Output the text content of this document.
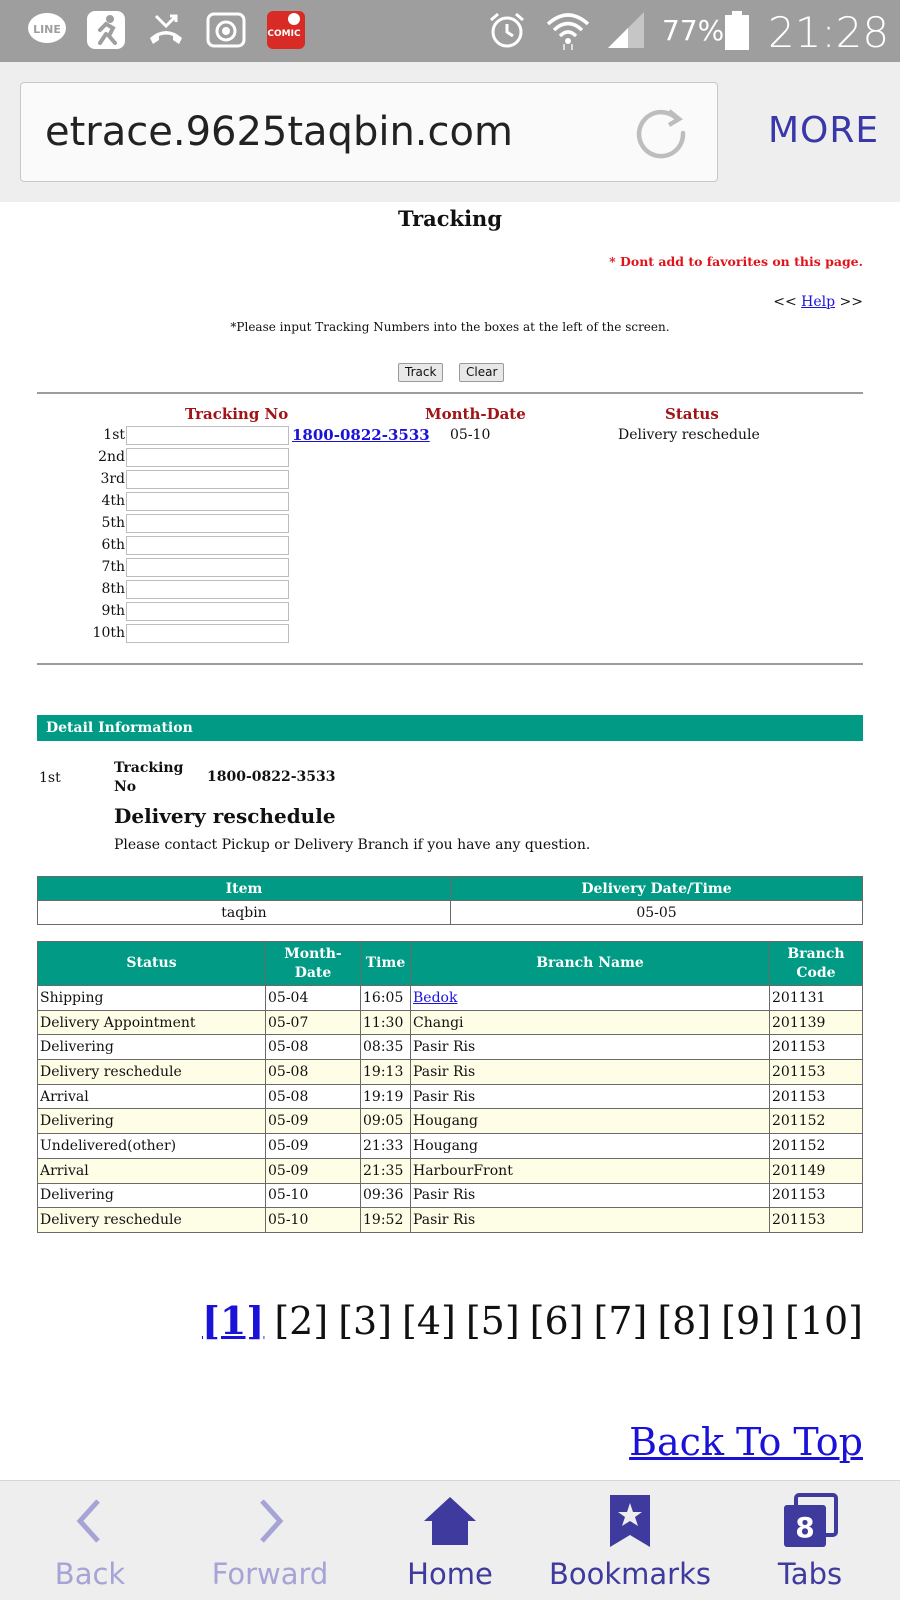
LINE	COMIC	77% 21:28
etrace.9625taqbin.com	MORE
Tracking
* Dont add to favorites on this page.
<< Help >>
*Please input Tracking Numbers into the boxes at the left of the screen.
Track	Clear
Tracking No	Month-Date	Status
1st	1800-0822-3533 05-10	Delivery reschedule
2nd
3rd
4th
5th
6th
7th
8th
9th
10th
Detail Information
1st
Tracking No
1800-0822-3533
Delivery reschedule
Please contact Pickup or Delivery Branch if you have any question.
Item	Delivery Date/Time
taqbin	05-05
Status	Month-Date	Time	Branch Name	Branch Code
Shipping	05-04	16:05	Bedok	201131
Delivery Appointment	05-07	11:30	Changi	201139
Delivering	05-08	08:35	Pasir Ris	201153
Delivery reschedule	05-08	19:13	Pasir Ris	201153
Arrival	05-08	19:19	Pasir Ris	201153
Delivering	05-09	09:05	Hougang	201152
Undelivered(other)	05-09	21:33	Hougang	201152
Arrival	05-09	21:35	HarbourFront	201149
Delivering	05-10	09:36	Pasir Ris	201153
Delivery reschedule	05-10	19:52	Pasir Ris	201153
[1] [2] [3] [4] [5] [6] [7] [8] [9] [10]
Back To Top
Back	Forward	Home	Bookmarks
8
Tabs
